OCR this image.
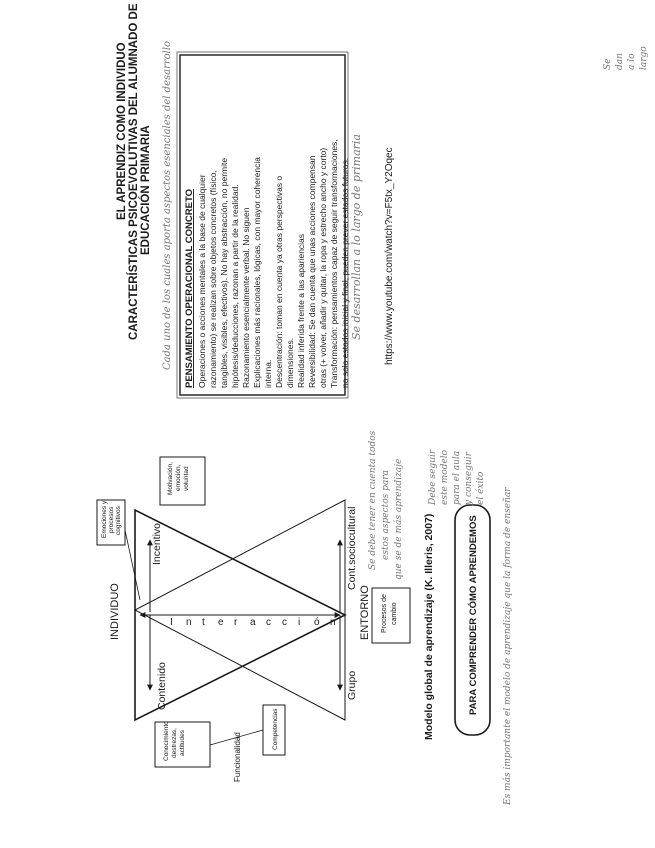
EL APRENDIZ COMO INDIVIDUO CARACTERÍSTICAS PSICOEVOLUTIVAS DEL ALUMNADO DE EDUCACIÓN PRIMARIA Cada uno de los cuales aporta aspectos esenciales del desarrollo PENSAMIENTO OPERACIONAL CONCRETO Operaciones o acciones mentales a la base de cualquier razonamiento) se realizan sobre objetos concretos (físico, tangibles, visibles, efectivos). No hay abstracción, no permite hipótesis/deducciones, razonan a partir de la realidad. Razonamiento esencialmente verbal. No siguen Explicaciones más racionales, lógicas, con mayor coherencia interna. Descentración: toman en cuenta ya otras perspectivas o dimensiones. Realidad inferida frente a las apariencias Reversibilidad: Se dan cuenta que unas acciones compensan otras (+ volver, añadir y quitar, la ropa y estrecho ancho y corto) Transformación: pensamientos capaz de seguir transformaciones, no solo estados inicial y final, pueden prever estados futuros. Se desarrollan a lo largo de primaria https://www.youtube.com/watch?v=F5tx_Y2Oqec
Se dan a lo largo
INDIVIDUO	ENTORNO
Contenido
Incentivo
Grupo
Cont.sociocultural
I n t e r a c c i ó n
Conocimiento destrezas, actitudes
Emociones y procesos cognitivos
Motivación, emoción, voluntad
Procesos de cambio
Competencias
Funcionalidad
Modelo global de aprendizaje (K. Illeris, 2007)	PARA COMPRENDER CÓMO APRENDEMOS
Se debe tener en cuenta todos estos aspectos para que se de más aprendizaje	Debe seguir este modelo para el aula y conseguir el éxito Es más importante el modelo de aprendizaje que la forma de enseñar
